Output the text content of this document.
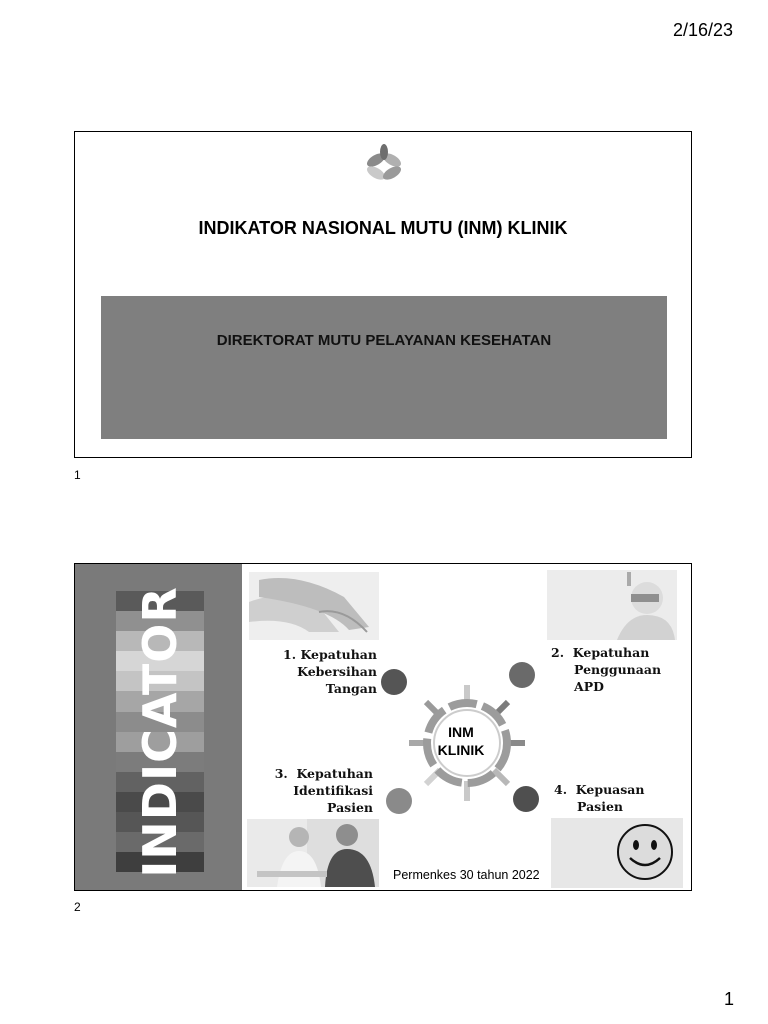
2/16/23
INDIKATOR NASIONAL MUTU (INM) KLINIK
DIREKTORAT MUTU PELAYANAN KESEHATAN
1
INDICATOR	INM
KLINIK
1. Kepatuhan
Kebersihan
Tangan
2. Kepatuhan
Penggunaan
APD
3. Kepatuhan
Identifikasi
Pasien
4. Kepuasan
Pasien
Permenkes 30 tahun 2022
2
1
